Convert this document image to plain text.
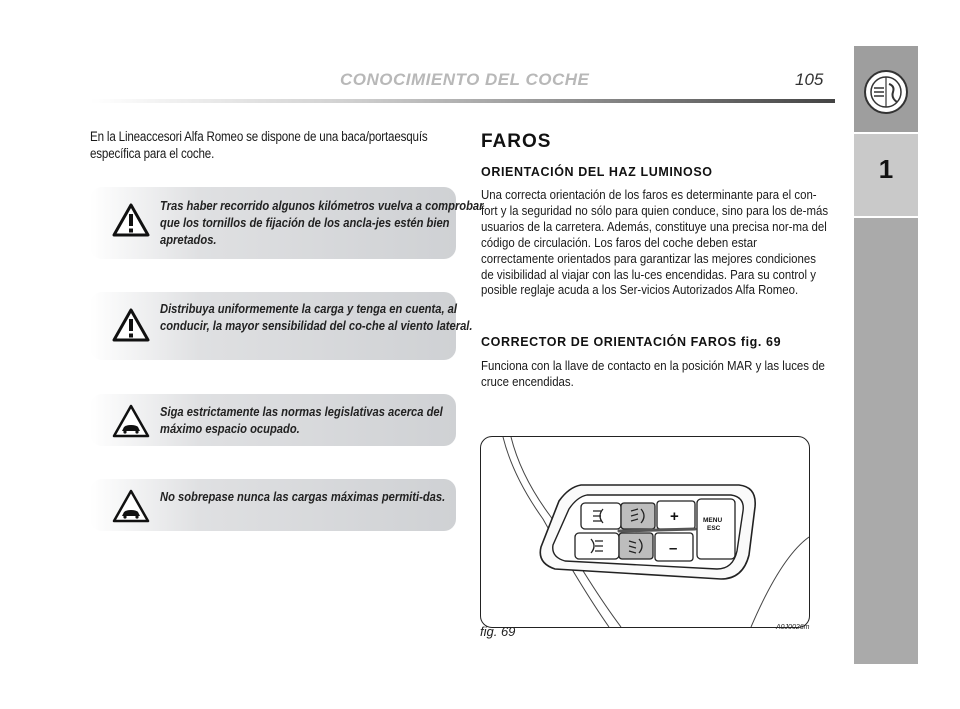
CONOCIMIENTO DEL COCHE	105
1

En la Lineaccesori Alfa Romeo se dispone de una baca/portaesquís específica para el coche.

Tras haber recorrido algunos kilómetros vuelva a comprobar que los tornillos de fijación de los ancla-jes estén bien apretados.

Distribuya uniformemente la carga y tenga en cuenta, al conducir, la mayor sensibilidad del co-che al viento lateral.

Siga estrictamente las normas legislativas acerca del máximo espacio ocupado.

No sobrepase nunca las cargas máximas permiti-das.

FAROS
ORIENTACIÓN DEL HAZ LUMINOSO

Una correcta orientación de los faros es determinante para el con-fort y la seguridad no sólo para quien conduce, sino para los de-más usuarios de la carretera. Además, constituye una precisa nor-ma del código de circulación. Los faros del coche deben estar correctamente orientados para garantizar las mejores condiciones de visibilidad al viajar con las lu-ces encendidas. Para su control y posible reglaje acuda a los Ser-vicios Autorizados Alfa Romeo.

CORRECTOR DE ORIENTACIÓN FAROS fig. 69

Funciona con la llave de contacto en la posición MAR y las luces de cruce encendidas.

+
–
MENU
ESC
fig. 69	A0J0026m
